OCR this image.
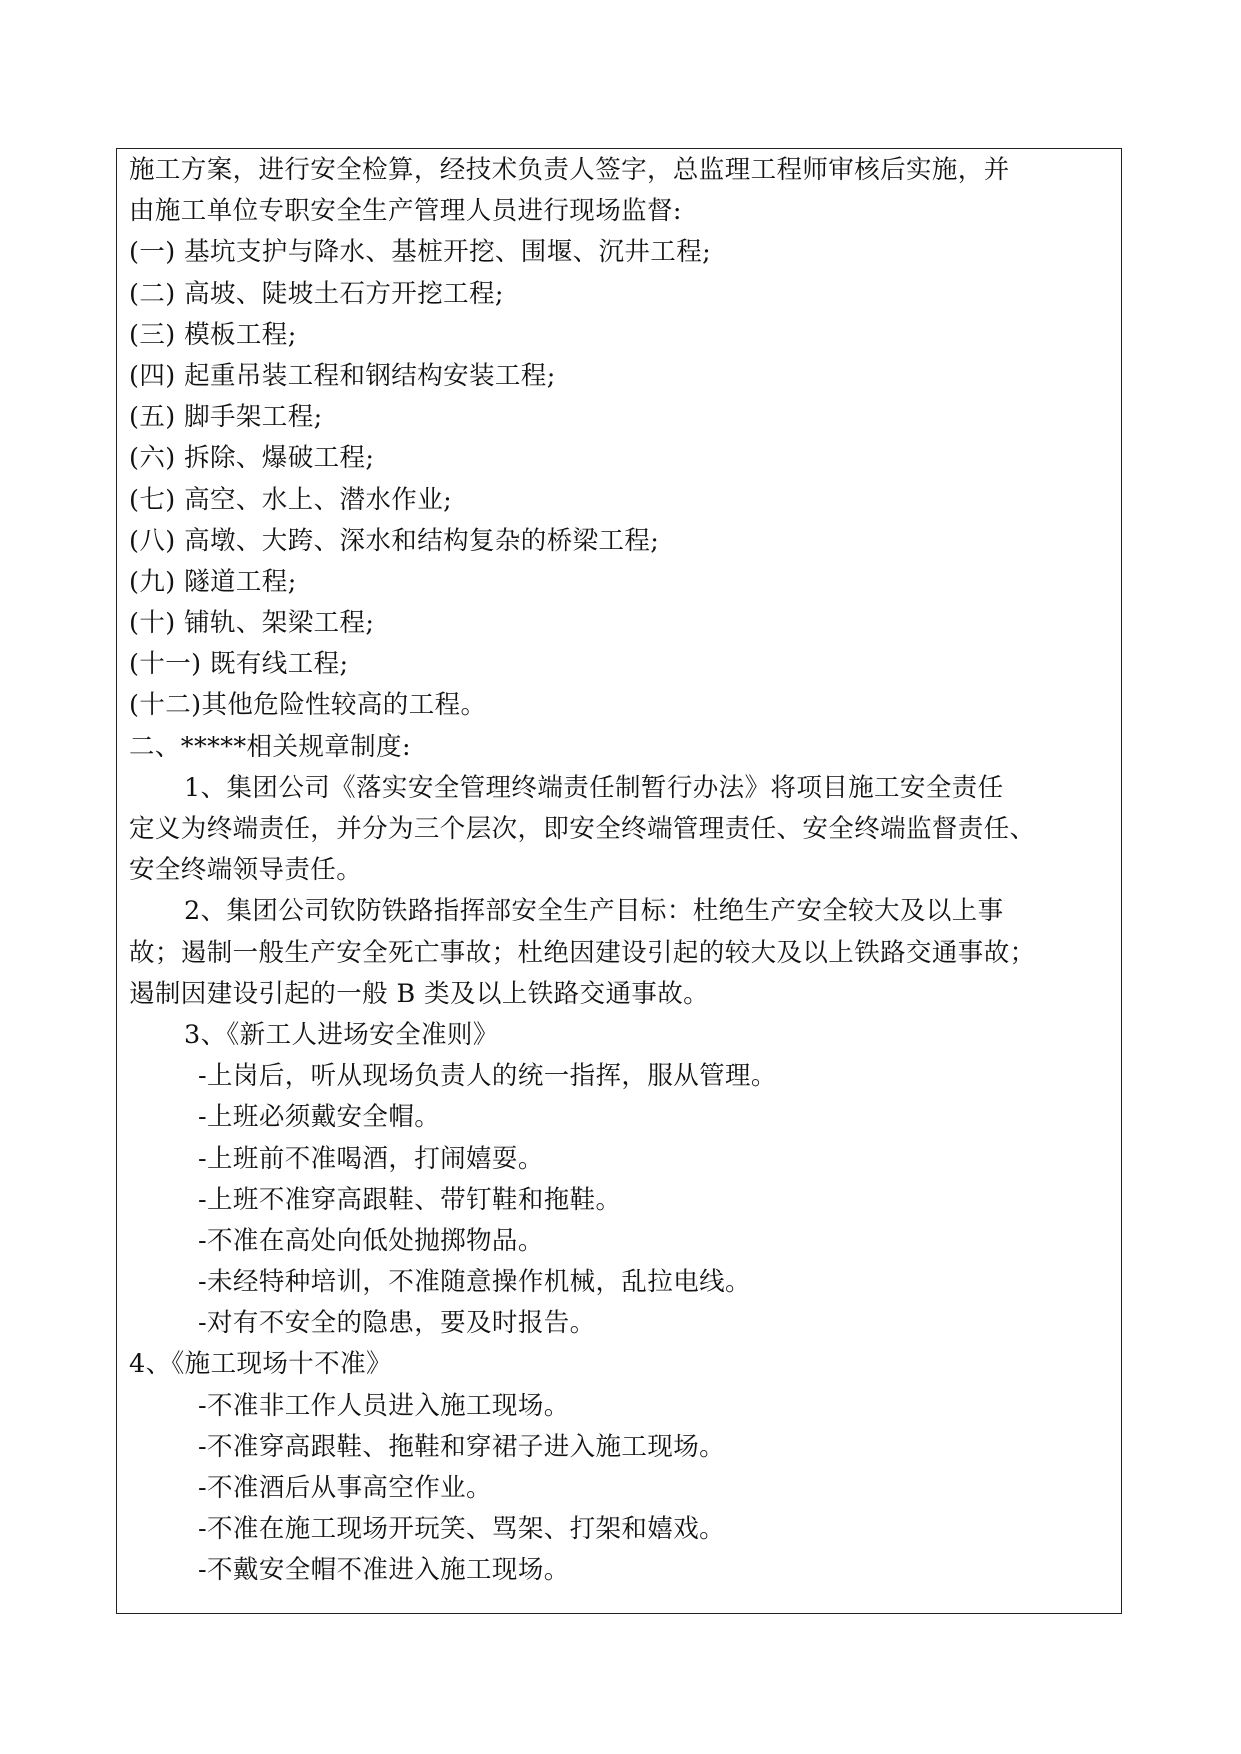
施工方案，进行安全检算，经技术负责人签字，总监理工程师审核后实施，并
由施工单位专职安全生产管理人员进行现场监督:
(一) 基坑支护与降水、基桩开挖、围堰、沉井工程;
(二) 高坡、陡坡土石方开挖工程;
(三) 模板工程;
(四) 起重吊装工程和钢结构安装工程;
(五) 脚手架工程;
(六) 拆除、爆破工程;
(七) 高空、水上、潜水作业;
(八) 高墩、大跨、深水和结构复杂的桥梁工程;
(九) 隧道工程;
(十) 铺轨、架梁工程;
(十一) 既有线工程;
(十二)其他危险性较高的工程。
二、*****相关规章制度:
1、集团公司《落实安全管理终端责任制暂行办法》将项目施工安全责任
定义为终端责任，并分为三个层次，即安全终端管理责任、安全终端监督责任、
安全终端领导责任。
2、集团公司钦防铁路指挥部安全生产目标：杜绝生产安全较大及以上事
故；遏制一般生产安全死亡事故；杜绝因建设引起的较大及以上铁路交通事故；
遏制因建设引起的一般 B 类及以上铁路交通事故。
3、《新工人进场安全准则》
-上岗后，听从现场负责人的统一指挥，服从管理。
-上班必须戴安全帽。
-上班前不准喝酒，打闹嬉耍。
-上班不准穿高跟鞋、带钉鞋和拖鞋。
-不准在高处向低处抛掷物品。
-未经特种培训，不准随意操作机械，乱拉电线。
-对有不安全的隐患，要及时报告。
4、《施工现场十不准》
-不准非工作人员进入施工现场。
-不准穿高跟鞋、拖鞋和穿裙子进入施工现场。
-不准酒后从事高空作业。
-不准在施工现场开玩笑、骂架、打架和嬉戏。
-不戴安全帽不准进入施工现场。
